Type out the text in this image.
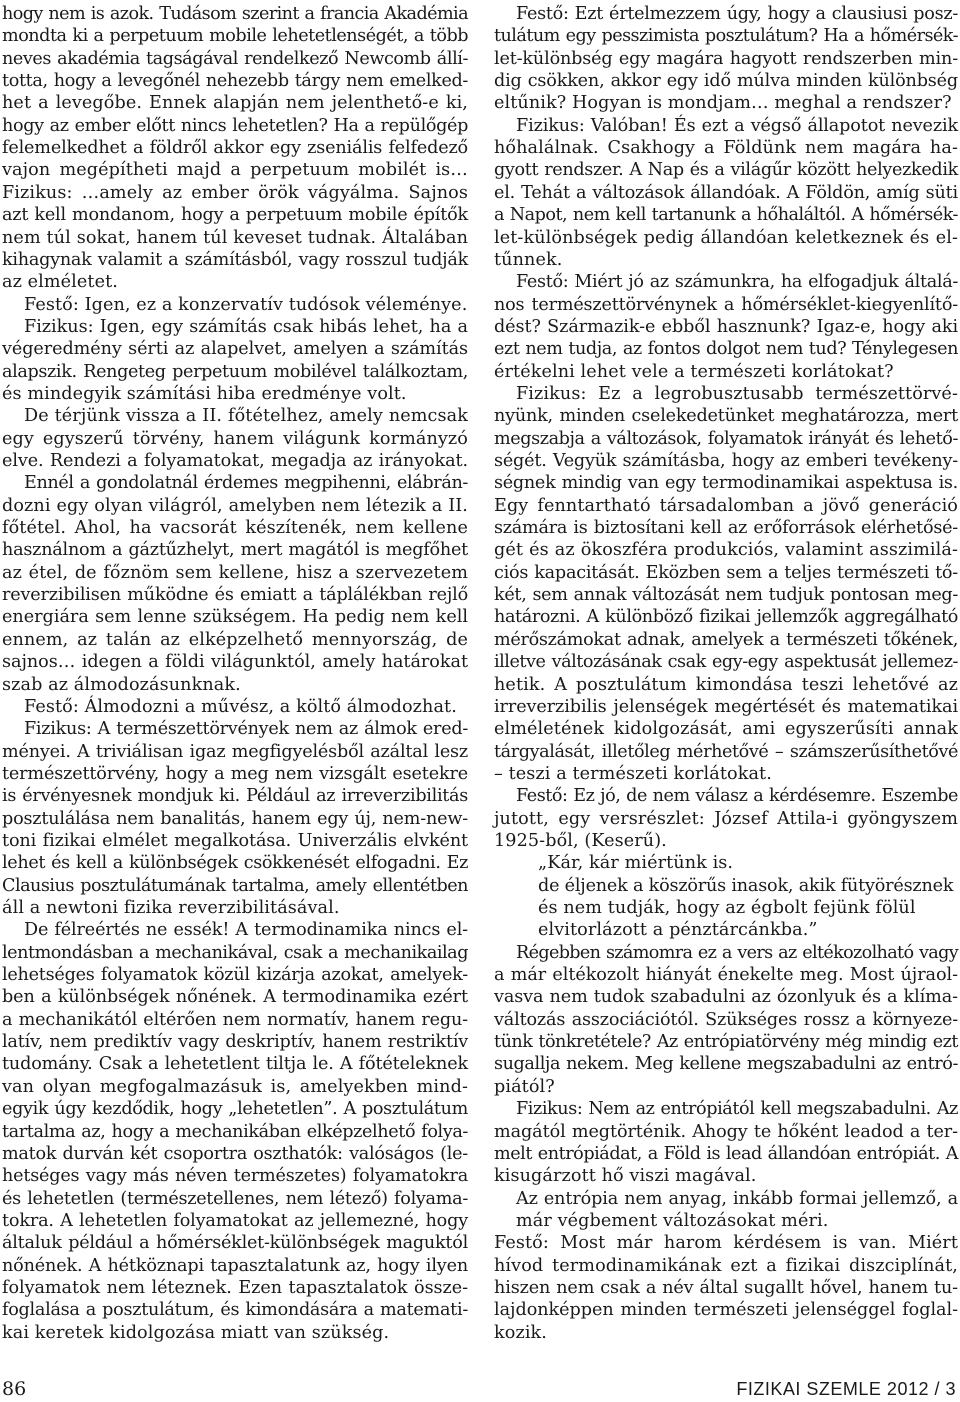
hogy nem is azok. Tudásom szerint a francia Akadémia
mondta ki a perpetuum mobile lehetetlenségét, a több
neves akadémia tagságával rendelkező Newcomb állí-
totta, hogy a levegőnél nehezebb tárgy nem emelked-
het a levegőbe. Ennek alapján nem jelenthető-e ki,
hogy az ember előtt nincs lehetetlen? Ha a repülőgép
felemelkedhet a földről akkor egy zseniális felfedező
vajon megépítheti majd a perpetuum mobilét is…
Fizikus: …amely az ember örök vágyálma. Sajnos
azt kell mondanom, hogy a perpetuum mobile építők
nem túl sokat, hanem túl keveset tudnak. Általában
kihagynak valamit a számításból, vagy rosszul tudják
az elméletet.
Festő: Igen, ez a konzervatív tudósok véleménye.
Fizikus: Igen, egy számítás csak hibás lehet, ha a
végeredmény sérti az alapelvet, amelyen a számítás
alapszik. Rengeteg perpetuum mobilével találkoztam,
és mindegyik számítási hiba eredménye volt.
De térjünk vissza a II. főtételhez, amely nemcsak
egy egyszerű törvény, hanem világunk kormányzó
elve. Rendezi a folyamatokat, megadja az irányokat.
Ennél a gondolatnál érdemes megpihenni, elábrán-
dozni egy olyan világról, amelyben nem létezik a II.
főtétel. Ahol, ha vacsorát készítenék, nem kellene
használnom a gáztűzhelyt, mert magától is megfőhet
az étel, de főznöm sem kellene, hisz a szervezetem
reverzibilisen működne és emiatt a táplálékban rejlő
energiára sem lenne szükségem. Ha pedig nem kell
ennem, az talán az elképzelhető mennyország, de
sajnos… idegen a földi világunktól, amely határokat
szab az álmodozásunknak.
Festő: Álmodozni a művész, a költő álmodozhat.
Fizikus: A természettörvények nem az álmok ered-
ményei. A triviálisan igaz megfigyelésből azáltal lesz
természettörvény, hogy a meg nem vizsgált esetekre
is érvényesnek mondjuk ki. Például az irreverzibilitás
posztulálása nem banalitás, hanem egy új, nem-new-
toni fizikai elmélet megalkotása. Univerzális elvként
lehet és kell a különbségek csökkenését elfogadni. Ez
Clausius posztulátumának tartalma, amely ellentétben
áll a newtoni fizika reverzibilitásával.
De félreértés ne essék! A termodinamika nincs el-
lentmondásban a mechanikával, csak a mechanikailag
lehetséges folyamatok közül kizárja azokat, amelyek-
ben a különbségek nőnének. A termodinamika ezért
a mechanikától eltérően nem normatív, hanem regu-
latív, nem prediktív vagy deskriptív, hanem restriktív
tudomány. Csak a lehetetlent tiltja le. A főtételeknek
van olyan megfogalmazásuk is, amelyekben mind-
egyik úgy kezdődik, hogy „lehetetlen”. A posztulátum
tartalma az, hogy a mechanikában elképzelhető folya-
matok durván két csoportra oszthatók: valóságos (le-
hetséges vagy más néven természetes) folyamatokra
és lehetetlen (természetellenes, nem létező) folyama-
tokra. A lehetetlen folyamatokat az jellemezné, hogy
általuk például a hőmérséklet-különbségek maguktól
nőnének. A hétköznapi tapasztalatunk az, hogy ilyen
folyamatok nem léteznek. Ezen tapasztalatok össze-
foglalása a posztulátum, és kimondására a matemati-
kai keretek kidolgozása miatt van szükség.
Festő: Ezt értelmezzem úgy, hogy a clausiusi posz-
tulátum egy pesszimista posztulátum? Ha a hőmérsék-
let-különbség egy magára hagyott rendszerben min-
dig csökken, akkor egy idő múlva minden különbség
eltűnik? Hogyan is mondjam… meghal a rendszer?
Fizikus: Valóban! És ezt a végső állapotot nevezik
hőhalálnak. Csakhogy a Földünk nem magára ha-
gyott rendszer. A Nap és a világűr között helyezkedik
el. Tehát a változások állandóak. A Földön, amíg süti
a Napot, nem kell tartanunk a hőhaláltól. A hőmérsék-
let-különbségek pedig állandóan keletkeznek és el-
tűnnek.
Festő: Miért jó az számunkra, ha elfogadjuk általá-
nos természettörvénynek a hőmérséklet-kiegyenlítő-
dést? Származik-e ebből hasznunk? Igaz-e, hogy aki
ezt nem tudja, az fontos dolgot nem tud? Ténylegesen
értékelni lehet vele a természeti korlátokat?
Fizikus: Ez a legrobusztusabb természettörvé-
nyünk, minden cselekedetünket meghatározza, mert
megszabja a változások, folyamatok irányát és lehető-
ségét. Vegyük számításba, hogy az emberi tevékeny-
ségnek mindig van egy termodinamikai aspektusa is.
Egy fenntartható társadalomban a jövő generáció
számára is biztosítani kell az erőforrások elérhetősé-
gét és az ökoszféra produkciós, valamint asszimilá-
ciós kapacitását. Eközben sem a teljes természeti tő-
két, sem annak változását nem tudjuk pontosan meg-
határozni. A különböző fizikai jellemzők aggregálható
mérőszámokat adnak, amelyek a természeti tőkének,
illetve változásának csak egy-egy aspektusát jellemez-
hetik. A posztulátum kimondása teszi lehetővé az
irreverzibilis jelenségek megértését és matematikai
elméletének kidolgozását, ami egyszerűsíti annak
tárgyalását, illetőleg mérhetővé – számszerűsíthetővé
– teszi a természeti korlátokat.
Festő: Ez jó, de nem válasz a kérdésemre. Eszembe
jutott, egy versrészlet: József Attila-i gyöngyszem
1925-ből, (Keserű).
„Kár, kár miértünk is.
de éljenek a köszörűs inasok, akik fütyörésznek
és nem tudják, hogy az égbolt fejünk fölül
elvitorlázott a pénztárcánkba.”
Régebben számomra ez a vers az eltékozolható vagy
a már eltékozolt hiányát énekelte meg. Most újraol-
vasva nem tudok szabadulni az ózonlyuk és a klíma-
változás asszociációtól. Szükséges rossz a környeze-
tünk tönkretétele? Az entrópiatörvény még mindig ezt
sugallja nekem. Meg kellene megszabadulni az entró-
piától?
Fizikus: Nem az entrópiától kell megszabadulni. Az
magától megtörténik. Ahogy te hőként leadod a ter-
melt entrópiádat, a Föld is lead állandóan entrópiát. A
kisugárzott hő viszi magával.
Az entrópia nem anyag, inkább formai jellemző, a
már végbement változásokat méri.
Festő: Most már harom kérdésem is van. Miért
hívod termodinamikának ezt a fizikai diszciplínát,
hiszen nem csak a név által sugallt hővel, hanem tu-
lajdonképpen minden természeti jelenséggel foglal-
kozik.
86	FIZIKAI SZEMLE 2012 / 3
